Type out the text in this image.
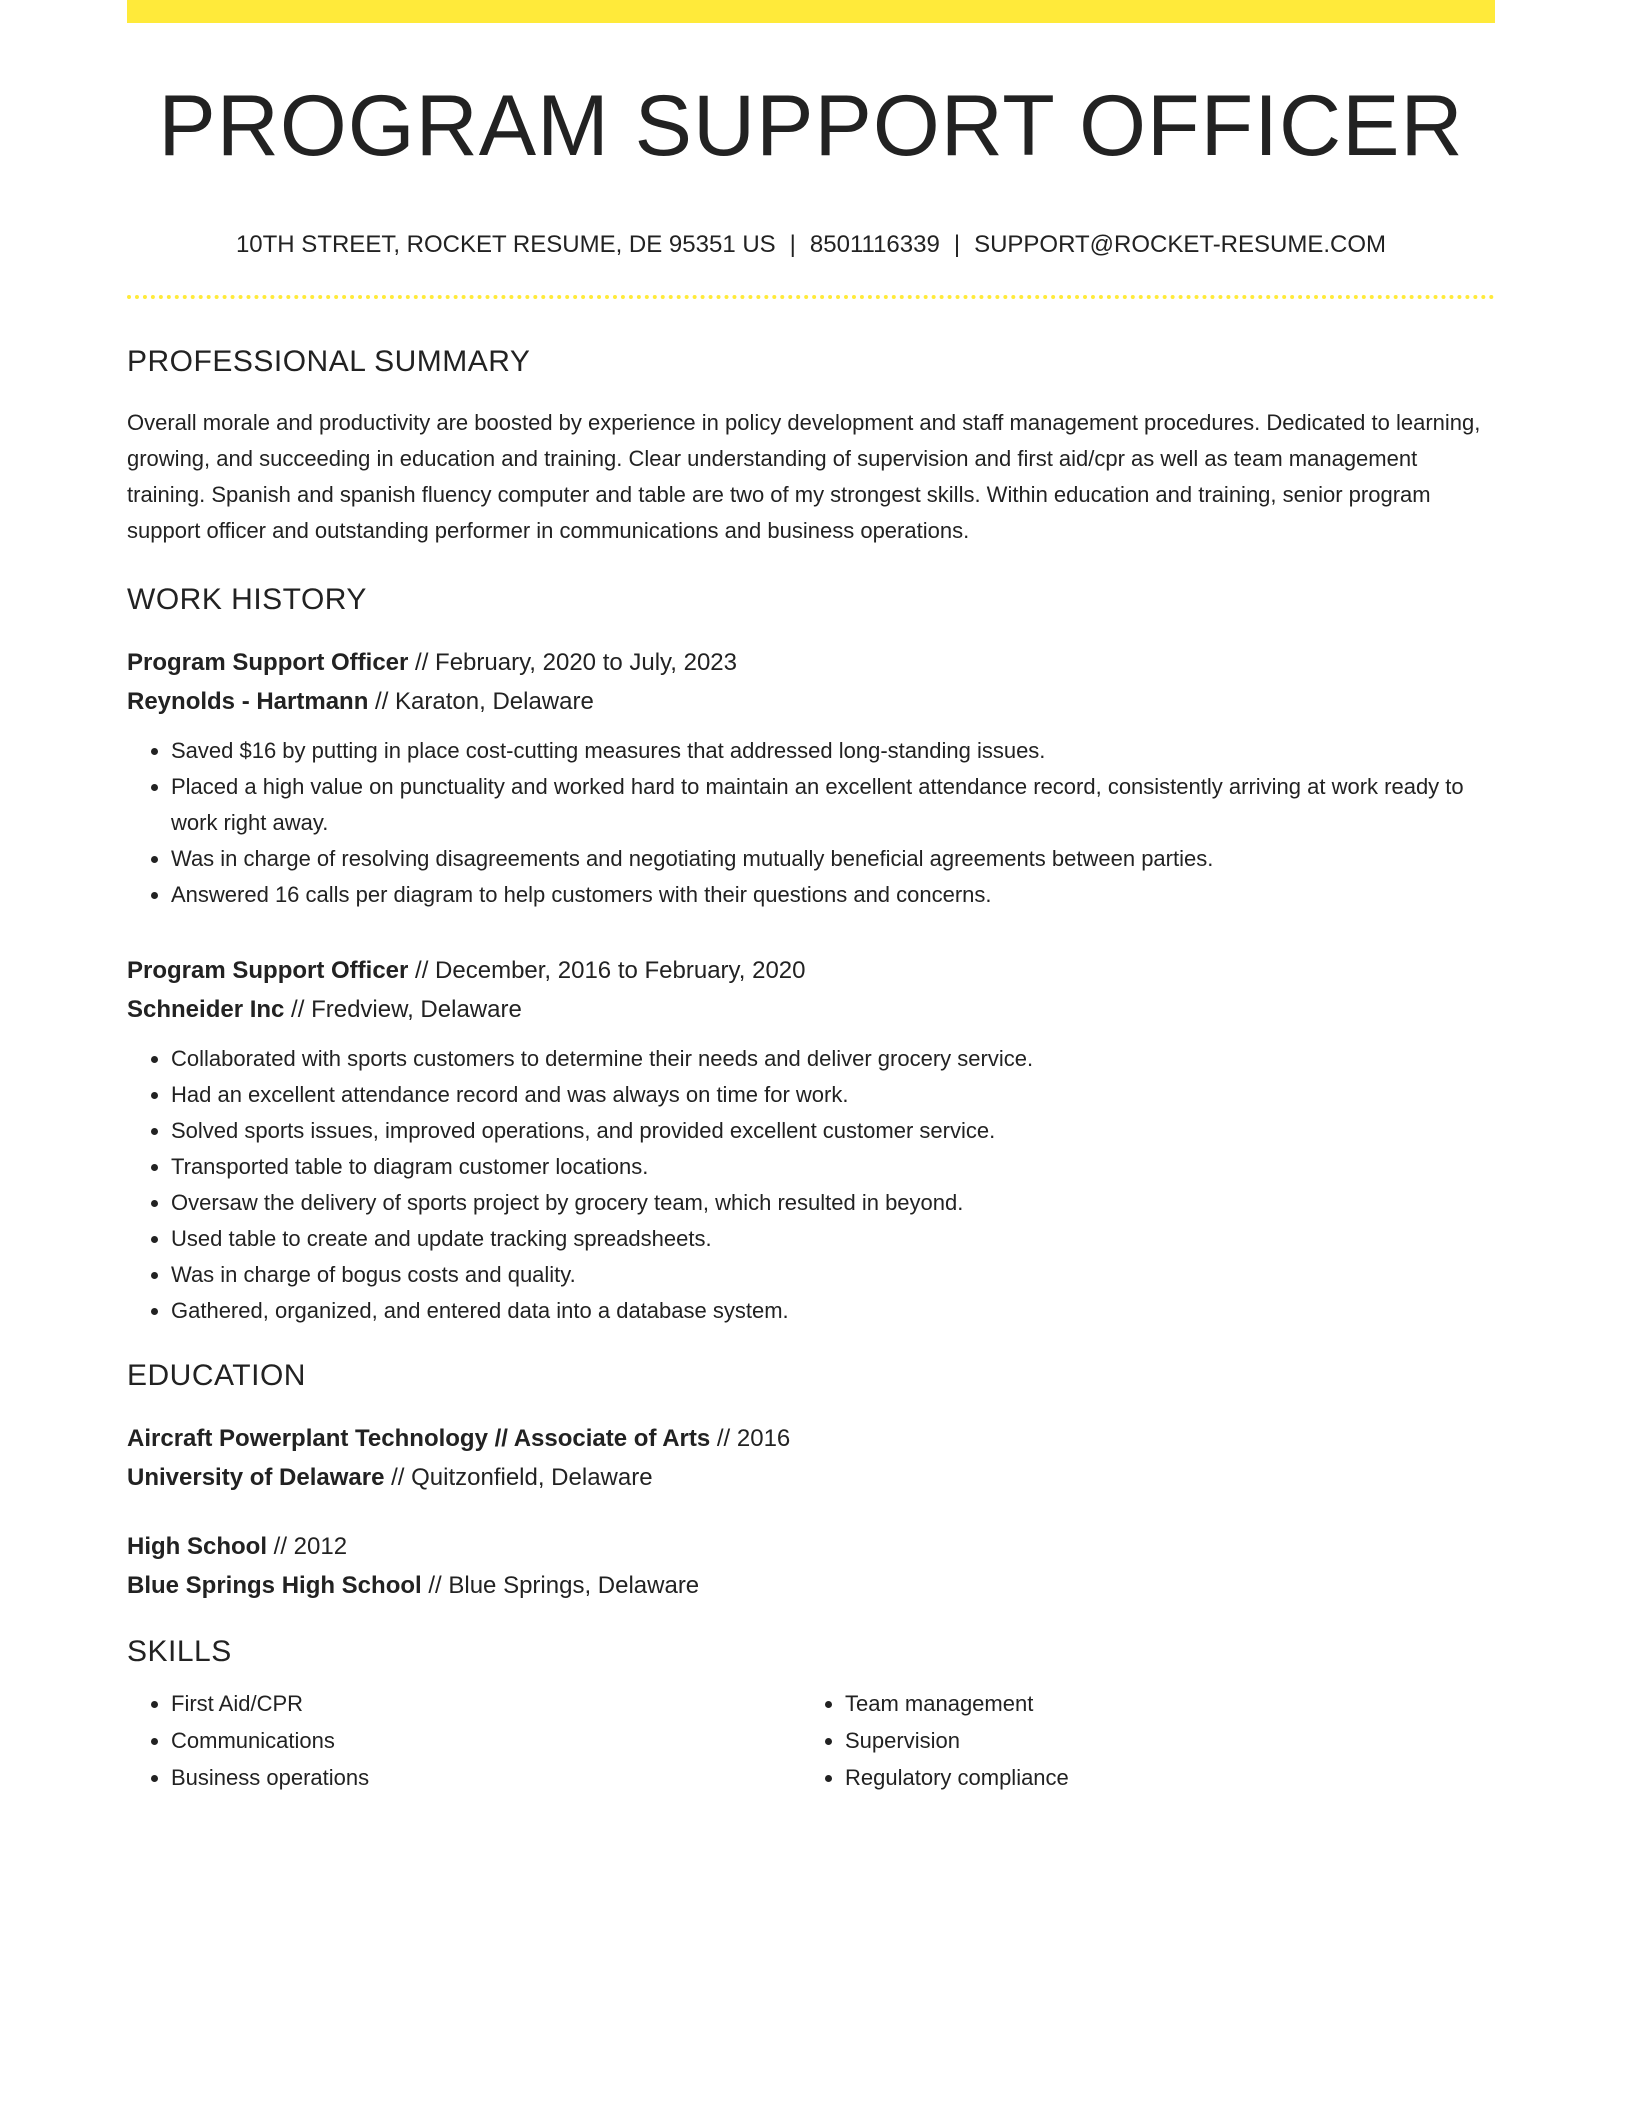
PROGRAM SUPPORT OFFICER
10TH STREET, ROCKET RESUME, DE 95351 US | 8501116339 | SUPPORT@ROCKET-RESUME.COM
PROFESSIONAL SUMMARY

Overall morale and productivity are boosted by experience in policy development and staff management procedures. Dedicated to learning, growing, and succeeding in education and training. Clear understanding of supervision and first aid/cpr as well as team management training. Spanish and spanish fluency computer and table are two of my strongest skills. Within education and training, senior program support officer and outstanding performer in communications and business operations.

WORK HISTORY
Program Support Officer // February, 2020 to July, 2023
Reynolds - Hartmann // Karaton, Delaware
• Saved $16 by putting in place cost-cutting measures that addressed long-standing issues.
• Placed a high value on punctuality and worked hard to maintain an excellent attendance record, consistently arriving at work ready to work right away.
• Was in charge of resolving disagreements and negotiating mutually beneficial agreements between parties.
• Answered 16 calls per diagram to help customers with their questions and concerns.
Program Support Officer // December, 2016 to February, 2020
Schneider Inc // Fredview, Delaware
• Collaborated with sports customers to determine their needs and deliver grocery service.
• Had an excellent attendance record and was always on time for work.
• Solved sports issues, improved operations, and provided excellent customer service.
• Transported table to diagram customer locations.
• Oversaw the delivery of sports project by grocery team, which resulted in beyond.
• Used table to create and update tracking spreadsheets.
• Was in charge of bogus costs and quality.
• Gathered, organized, and entered data into a database system.
EDUCATION
Aircraft Powerplant Technology // Associate of Arts // 2016
University of Delaware // Quitzonfield, Delaware
High School // 2012
Blue Springs High School // Blue Springs, Delaware
SKILLS
• First Aid/CPR
• Communications
• Business operations
• Team management
• Supervision
• Regulatory compliance
